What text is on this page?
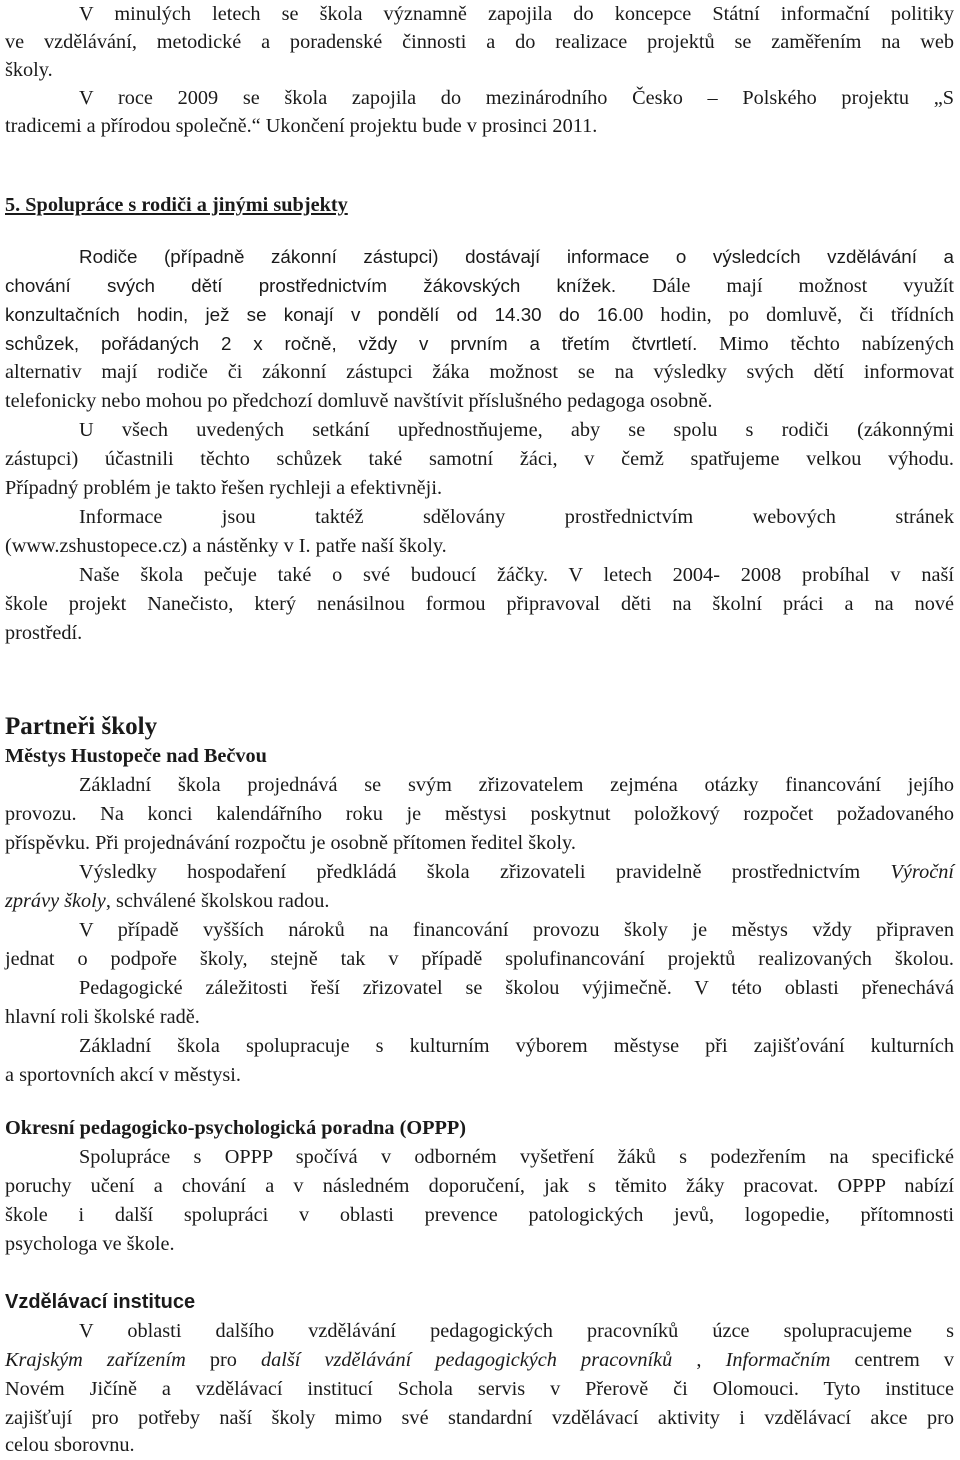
V minulých letech se škola významně zapojila do koncepce Státní informační politiky
ve vzdělávání, metodické a poradenské činnosti a do realizace projektů se zaměřením na web
školy.
V roce 2009 se škola zapojila do mezinárodního Česko – Polského projektu „S
tradicemi a přírodou společně.“ Ukončení projektu bude v prosinci 2011.
5. Spolupráce s rodiči a jinými subjekty
Rodiče (případně zákonní zástupci) dostávají informace o výsledcích vzdělávání a
chování svých dětí prostřednictvím žákovských knížek. Dále mají možnost využít
konzultačních hodin, jež se konají v pondělí od 14.30 do 16.00 hodin, po domluvě, či třídních
schůzek, pořádaných 2 x ročně, vždy v prvním a třetím čtvrtletí. Mimo těchto nabízených
alternativ mají rodiče či zákonní zástupci žáka možnost se na výsledky svých dětí informovat
telefonicky nebo mohou po předchozí domluvě navštívit příslušného pedagoga osobně.
U všech uvedených setkání upřednostňujeme, aby se spolu s rodiči (zákonnými
zástupci) účastnili těchto schůzek také samotní žáci, v čemž spatřujeme velkou výhodu.
Případný problém je takto řešen rychleji a efektivněji.
Informace jsou taktéž sdělovány prostřednictvím webových stránek
(www.zshustopece.cz) a nástěnky v I. patře naší školy.
Naše škola pečuje také o své budoucí žáčky. V letech 2004- 2008 probíhal v naší
škole projekt Nanečisto, který nenásilnou formou připravoval děti na školní práci a na nové
prostředí.
Partneři školy
Městys Hustopeče nad Bečvou
Základní škola projednává se svým zřizovatelem zejména otázky financování jejího
provozu. Na konci kalendářního roku je městysi poskytnut položkový rozpočet požadovaného
příspěvku. Při projednávání rozpočtu je osobně přítomen ředitel školy.
Výsledky hospodaření předkládá škola zřizovateli pravidelně prostřednictvím Výroční
zprávy školy, schválené školskou radou.
V případě vyšších nároků na financování provozu školy je městys vždy připraven
jednat o podpoře školy, stejně tak v případě spolufinancování projektů realizovaných školou.
Pedagogické záležitosti řeší zřizovatel se školou výjimečně. V této oblasti přenechává
hlavní roli školské radě.
Základní škola spolupracuje s kulturním výborem městyse při zajišťování kulturních
a sportovních akcí v městysi.
Okresní pedagogicko-psychologická poradna (OPPP)
Spolupráce s OPPP spočívá v odborném vyšetření žáků s podezřením na specifické
poruchy učení a chování a v následném doporučení, jak s těmito žáky pracovat. OPPP nabízí
škole i další spolupráci v oblasti prevence patologických jevů, logopedie, přítomnosti
psychologa ve škole.
Vzdělávací instituce
V oblasti dalšího vzdělávání pedagogických pracovníků úzce spolupracujeme s
Krajským zařízením pro další vzdělávání pedagogických pracovníků , Informačním centrem v
Novém Jičíně a vzdělávací institucí Schola servis v Přerově či Olomouci. Tyto instituce
zajišťují pro potřeby naší školy mimo své standardní vzdělávací aktivity i vzdělávací akce pro
celou sborovnu.
